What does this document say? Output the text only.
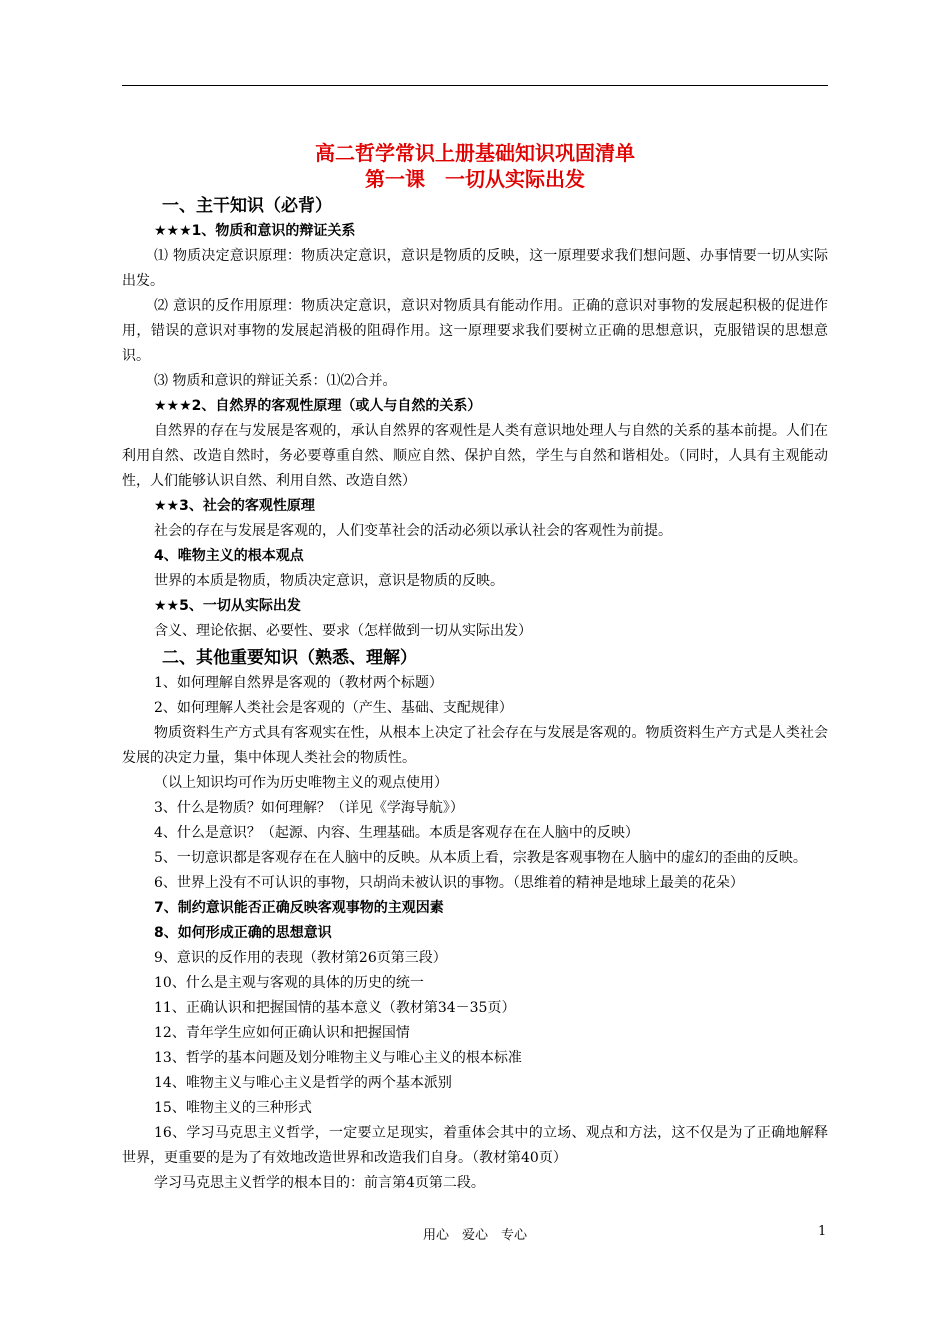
高二哲学常识上册基础知识巩固清单

第一课　一切从实际出发

一、主干知识（必背）

★★★1、物质和意识的辩证关系

⑴ 物质决定意识原理：物质决定意识，意识是物质的反映，这一原理要求我们想问题、办事情要一切从实际出发。

⑵ 意识的反作用原理：物质决定意识，意识对物质具有能动作用。正确的意识对事物的发展起积极的促进作用，错误的意识对事物的发展起消极的阻碍作用。这一原理要求我们要树立正确的思想意识，克服错误的思想意识。

⑶ 物质和意识的辩证关系：⑴⑵合并。

★★★2、自然界的客观性原理（或人与自然的关系）

自然界的存在与发展是客观的，承认自然界的客观性是人类有意识地处理人与自然的关系的基本前提。人们在利用自然、改造自然时，务必要尊重自然、顺应自然、保护自然，学生与自然和谐相处。（同时，人具有主观能动性，人们能够认识自然、利用自然、改造自然）

★★3、社会的客观性原理

社会的存在与发展是客观的，人们变革社会的活动必须以承认社会的客观性为前提。

4、唯物主义的根本观点

世界的本质是物质，物质决定意识，意识是物质的反映。

★★5、一切从实际出发

含义、理论依据、必要性、要求（怎样做到一切从实际出发）

二、其他重要知识（熟悉、理解）

1、如何理解自然界是客观的（教材两个标题）

2、如何理解人类社会是客观的（产生、基础、支配规律）

物质资料生产方式具有客观实在性，从根本上决定了社会存在与发展是客观的。物质资料生产方式是人类社会发展的决定力量，集中体现人类社会的物质性。

（以上知识均可作为历史唯物主义的观点使用）

3、什么是物质？如何理解？（详见《学海导航》）

4、什么是意识？（起源、内容、生理基础。本质是客观存在在人脑中的反映）

5、一切意识都是客观存在在人脑中的反映。从本质上看，宗教是客观事物在人脑中的虚幻的歪曲的反映。

6、世界上没有不可认识的事物，只胡尚未被认识的事物。（思维着的精神是地球上最美的花朵）

7、制约意识能否正确反映客观事物的主观因素

8、如何形成正确的思想意识

9、意识的反作用的表现（教材第26页第三段）

10、什么是主观与客观的具体的历史的统一

11、正确认识和把握国情的基本意义（教材第34－35页）

12、青年学生应如何正确认识和把握国情

13、哲学的基本问题及划分唯物主义与唯心主义的根本标准

14、唯物主义与唯心主义是哲学的两个基本派别

15、唯物主义的三种形式

16、学习马克思主义哲学，一定要立足现实，着重体会其中的立场、观点和方法，这不仅是为了正确地解释世界，更重要的是为了有效地改造世界和改造我们自身。（教材第40页）

学习马克思主义哲学的根本目的：前言第4页第二段。

用心　爱心　专心	1
